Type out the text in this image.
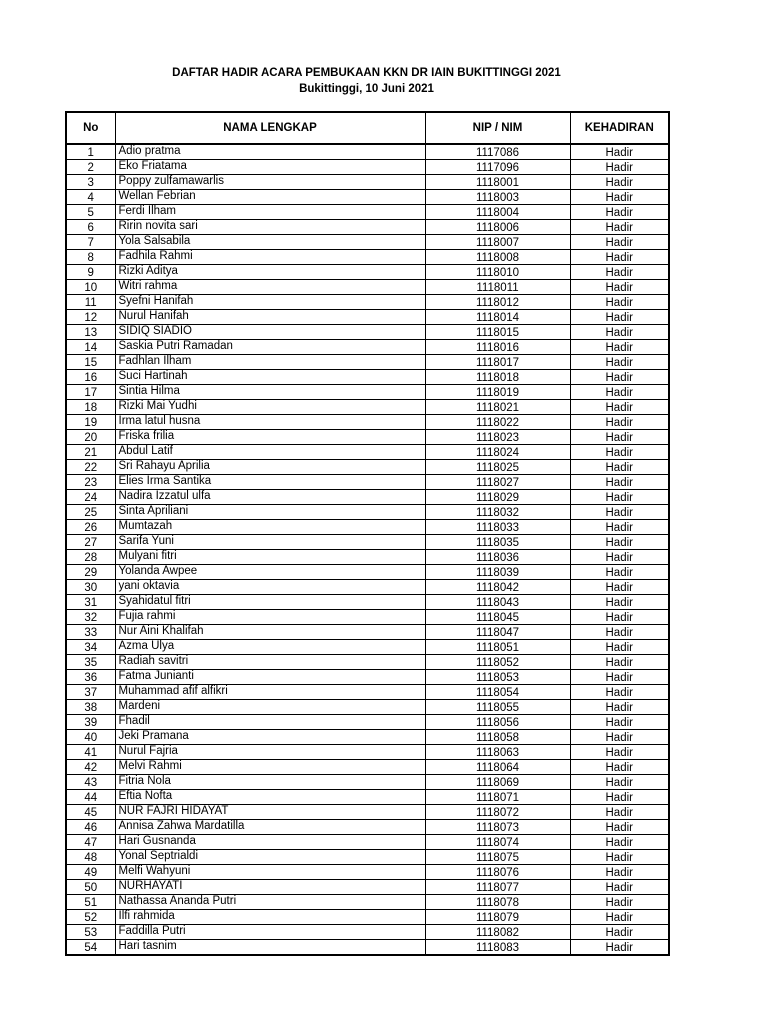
DAFTAR HADIR ACARA PEMBUKAAN KKN DR IAIN BUKITTINGGI 2021
Bukittinggi, 10 Juni 2021
No	NAMA LENGKAP	NIP / NIM	KEHADIRAN
1	Adio pratma	1117086	Hadir
2	Eko Friatama	1117096	Hadir
3	Poppy zulfamawarlis	1118001	Hadir
4	Wellan Febrian	1118003	Hadir
5	Ferdi Ilham	1118004	Hadir
6	Ririn novita sari	1118006	Hadir
7	Yola Salsabila	1118007	Hadir
8	Fadhila Rahmi	1118008	Hadir
9	Rizki Aditya	1118010	Hadir
10	Witri rahma	1118011	Hadir
11	Syefni Hanifah	1118012	Hadir
12	Nurul Hanifah	1118014	Hadir
13	SIDIQ SIADIO	1118015	Hadir
14	Saskia Putri Ramadan	1118016	Hadir
15	Fadhlan Ilham	1118017	Hadir
16	Suci Hartinah	1118018	Hadir
17	Sintia Hilma	1118019	Hadir
18	Rizki Mai Yudhi	1118021	Hadir
19	Irma latul husna	1118022	Hadir
20	Friska frilia	1118023	Hadir
21	Abdul Latif	1118024	Hadir
22	Sri Rahayu Aprilia	1118025	Hadir
23	Elies Irma Santika	1118027	Hadir
24	Nadira Izzatul ulfa	1118029	Hadir
25	Sinta Apriliani	1118032	Hadir
26	Mumtazah	1118033	Hadir
27	Sarifa Yuni	1118035	Hadir
28	Mulyani fitri	1118036	Hadir
29	Yolanda Awpee	1118039	Hadir
30	yani oktavia	1118042	Hadir
31	Syahidatul fitri	1118043	Hadir
32	Fujia rahmi	1118045	Hadir
33	Nur Aini Khalifah	1118047	Hadir
34	Azma Ulya	1118051	Hadir
35	Radiah savitri	1118052	Hadir
36	Fatma Junianti	1118053	Hadir
37	Muhammad afif alfikri	1118054	Hadir
38	Mardeni	1118055	Hadir
39	Fhadil	1118056	Hadir
40	Jeki Pramana	1118058	Hadir
41	Nurul Fajria	1118063	Hadir
42	Melvi Rahmi	1118064	Hadir
43	Fitria Nola	1118069	Hadir
44	Eftia Nofta	1118071	Hadir
45	NUR FAJRI HIDAYAT	1118072	Hadir
46	Annisa Zahwa Mardatilla	1118073	Hadir
47	Hari Gusnanda	1118074	Hadir
48	Yonal Septrialdi	1118075	Hadir
49	Melfi Wahyuni	1118076	Hadir
50	NURHAYATI	1118077	Hadir
51	Nathassa Ananda Putri	1118078	Hadir
52	Ilfi rahmida	1118079	Hadir
53	Faddilla Putri	1118082	Hadir
54	Hari tasnim	1118083	Hadir
